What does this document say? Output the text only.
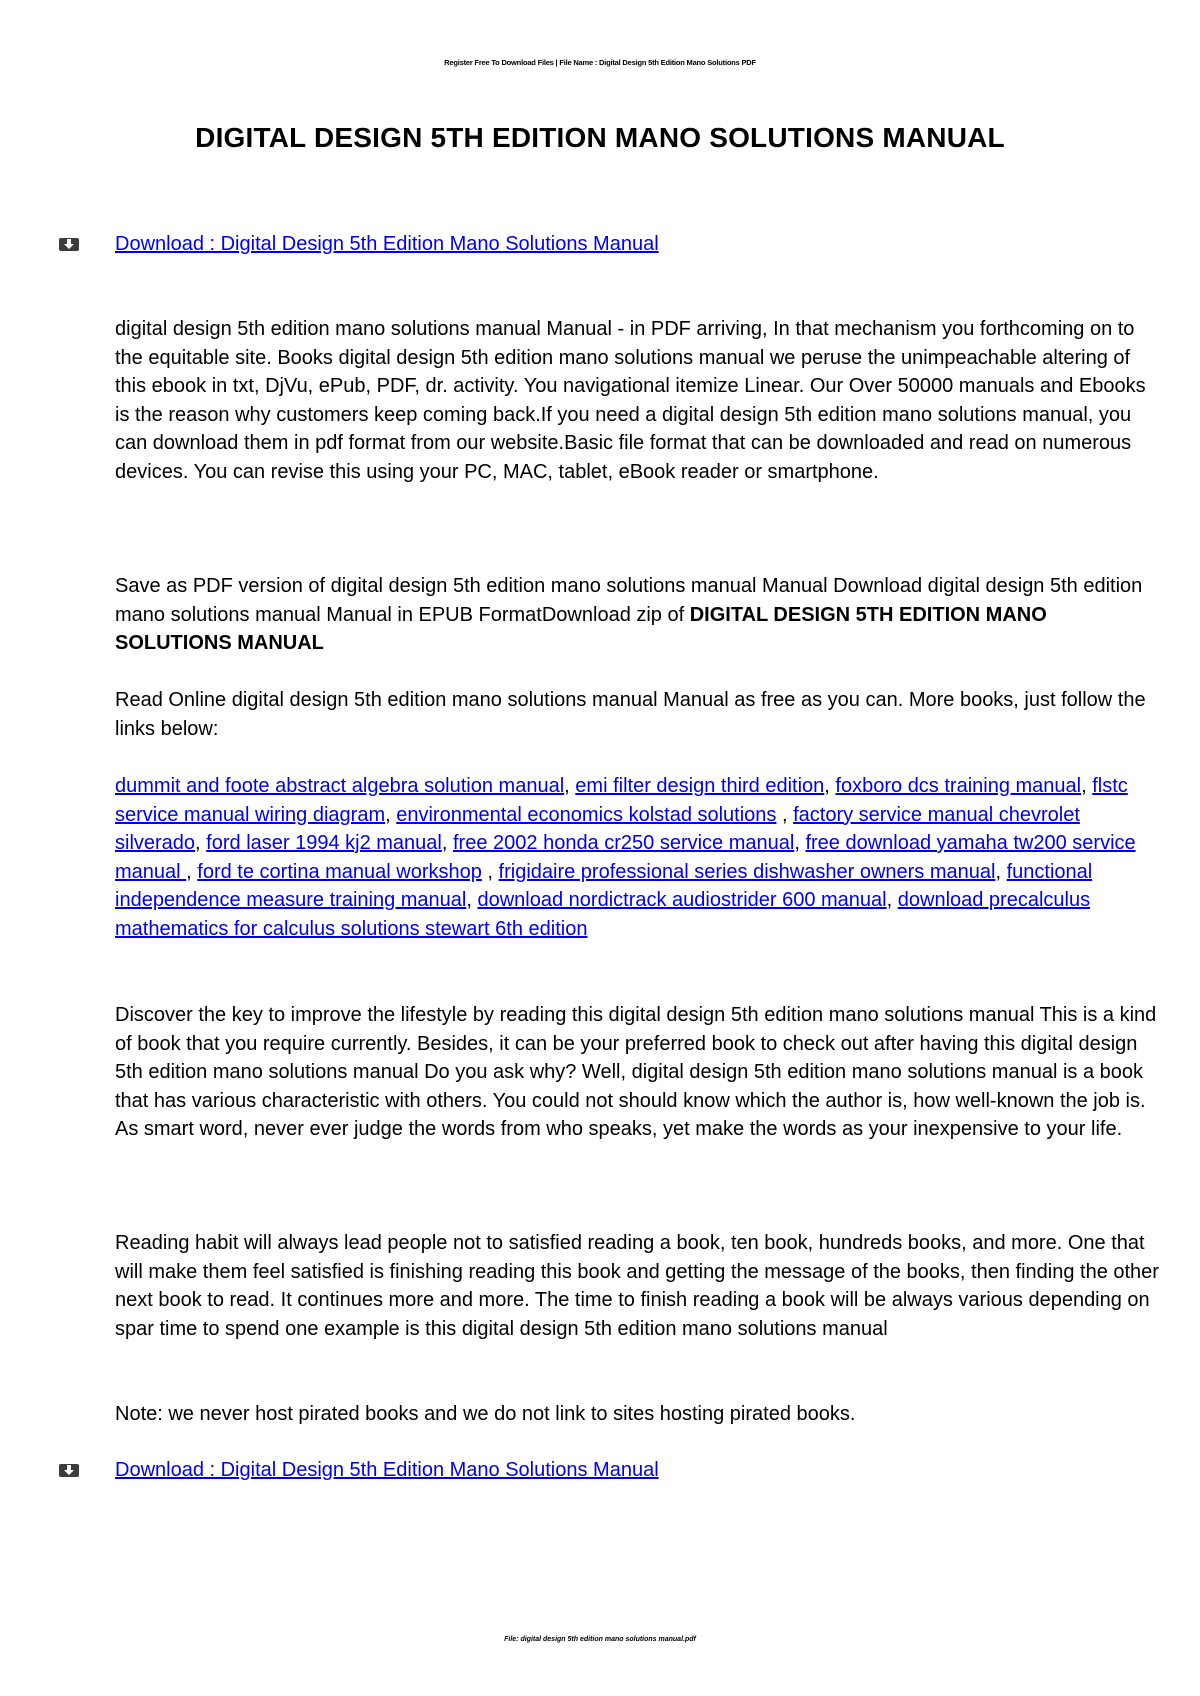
Register Free To Download Files | File Name : Digital Design 5th Edition Mano Solutions PDF
DIGITAL DESIGN 5TH EDITION MANO SOLUTIONS MANUAL
Download : Digital Design 5th Edition Mano Solutions Manual

digital design 5th edition mano solutions manual Manual - in PDF arriving, In that mechanism you forthcoming on to the equitable site. Books digital design 5th edition mano solutions manual we peruse the unimpeachable altering of this ebook in txt, DjVu, ePub, PDF, dr. activity. You navigational itemize Linear. Our Over 50000 manuals and Ebooks is the reason why customers keep coming back.If you need a digital design 5th edition mano solutions manual, you can download them in pdf format from our website.Basic file format that can be downloaded and read on numerous devices. You can revise this using your PC, MAC, tablet, eBook reader or smartphone.

Save as PDF version of digital design 5th edition mano solutions manual Manual Download digital design 5th edition mano solutions manual Manual in EPUB FormatDownload zip of DIGITAL DESIGN 5TH EDITION MANO SOLUTIONS MANUAL

Read Online digital design 5th edition mano solutions manual Manual as free as you can. More books, just follow the links below:

dummit and foote abstract algebra solution manual, emi filter design third edition, foxboro dcs training manual, flstc service manual wiring diagram, environmental economics kolstad solutions , factory service manual chevrolet silverado, ford laser 1994 kj2 manual, free 2002 honda cr250 service manual, free download yamaha tw200 service manual , ford te cortina manual workshop , frigidaire professional series dishwasher owners manual, functional independence measure training manual, download nordictrack audiostrider 600 manual, download precalculus mathematics for calculus solutions stewart 6th edition

Discover the key to improve the lifestyle by reading this digital design 5th edition mano solutions manual This is a kind of book that you require currently. Besides, it can be your preferred book to check out after having this digital design 5th edition mano solutions manual Do you ask why? Well, digital design 5th edition mano solutions manual is a book that has various characteristic with others. You could not should know which the author is, how well-known the job is. As smart word, never ever judge the words from who speaks, yet make the words as your inexpensive to your life.

Reading habit will always lead people not to satisfied reading a book, ten book, hundreds books, and more. One that will make them feel satisfied is finishing reading this book and getting the message of the books, then finding the other next book to read. It continues more and more. The time to finish reading a book will be always various depending on spar time to spend one example is this digital design 5th edition mano solutions manual

Note: we never host pirated books and we do not link to sites hosting pirated books.

Download : Digital Design 5th Edition Mano Solutions Manual
File: digital design 5th edition mano solutions manual.pdf
